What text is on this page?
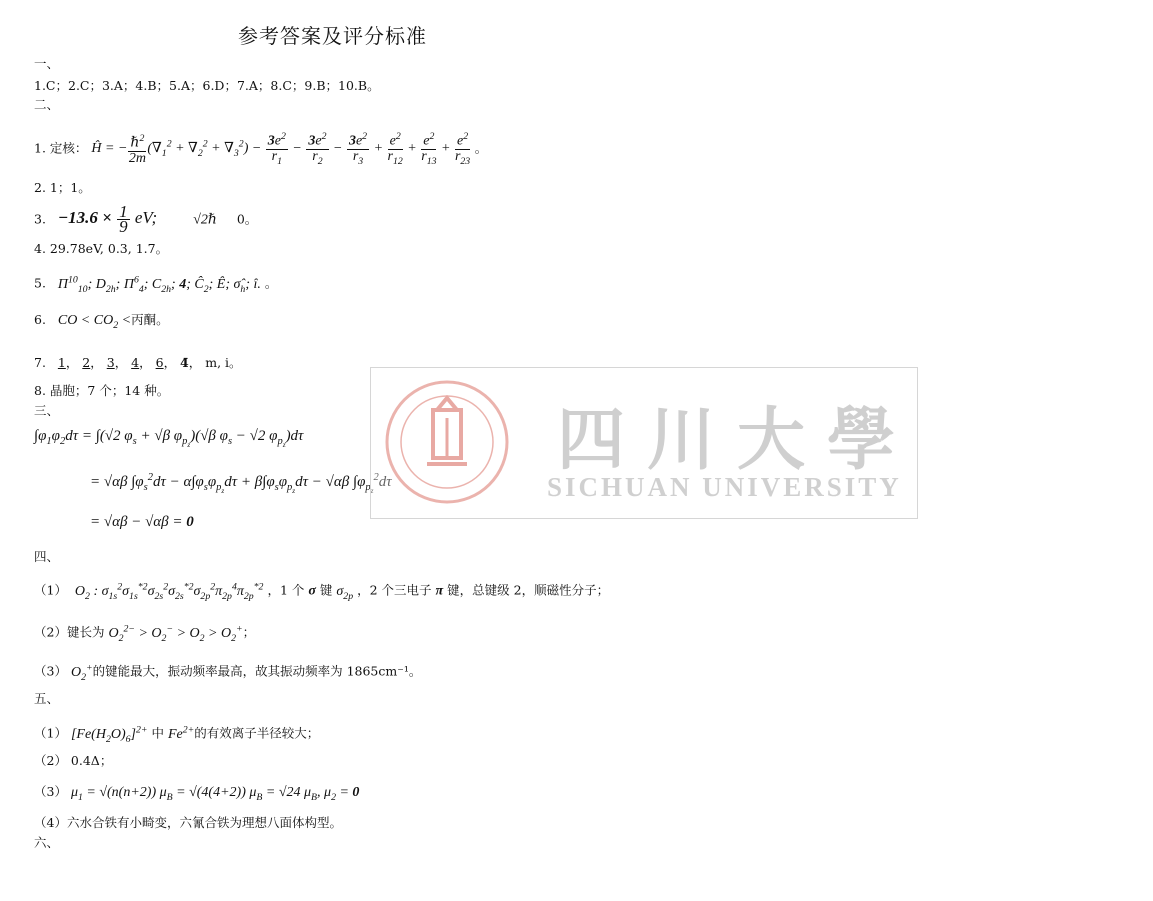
参考答案及评分标准
一、
1.C；2.C；3.A；4.B；5.A；6.D；7.A；8.C；9.B；10.B。
二、
1. 定核： Ĥ = − $\frac{\hbar^2}{2m} (\nabla_1^2 + \nabla_2^2 + \nabla_3^2) - \frac{3e^2}{r_1} - \frac{3e^2}{r_2} - \frac{3e^2}{r_3} + \frac{e^2}{r_{12}} + \frac{e^2}{r_{13}} + \frac{e^2}{r_{23}}$ 。
2. 1；1。
3. $-13.6 \times \frac{1}{9}$ eV;	√2ℏ 0。
4. 29.78eV, 0.3, 1.7。
5. $\Pi^{10}_{10}$; $D_{2h}$; $\Pi^6_4$; $C_{2h}$; 4; $Ĉ_2$; Ê; $\sigmâ_h$; î. 。
6. CO < $CO_2$ <丙酮。
7. 1， 2， 3， 4， 6， 4̄， m, i。
8. 晶胞；7 个；14 种。
三、
$\int\varphi_1\varphi_2d\tau = \int(√2$ $\varphi_s + √\beta$ $\varphi_{p_z})(√\beta$ $\varphi_s - √2$ $\varphi_{p_z})d\tau$
= √αβ $\int\varphi_s^2d\tau - \alpha\int\varphi_s\varphi_{p_z}d\tau + \beta\int\varphi_s\varphi_{p_z}d\tau - √\alpha\beta$ $\int\varphi_{p_z}^2d\tau$
= √αβ − √αβ = 0
四、
（1） $O_2$ : $\sigma_{1s}^2\sigma_{1s}^{*2}\sigma_{2s}^2\sigma_{2s}^{*2}\sigma_{2p}^2\pi_{2p}^4\pi_{2p}^{*2}$ ，1 个 σ 键 $\sigma_{2p}$ ，2 个三电子 π 键，总键级 2，顺磁性分子；
（2）键长为 $O_2^{2-} > O_2^- > O_2 > O_2^+$；
（3） $O_2^+$的键能最大，振动频率最高，故其振动频率为 1865cm⁻¹。
五、
（1） $[Fe(H_2O)_6]^{2+}$ 中 $Fe^{2+}$的有效离子半径较大；
（2） 0.4Δ；
（3） $\mu_1 = √(n(n+2)) \mu_B = √(4(4+2)) \mu_B = √24$ $\mu_B$, $\mu_2 = 0$
（4）六水合铁有小畸变，六氰合铁为理想八面体构型。
六、
四川大學
SICHUAN UNIVERSITY
